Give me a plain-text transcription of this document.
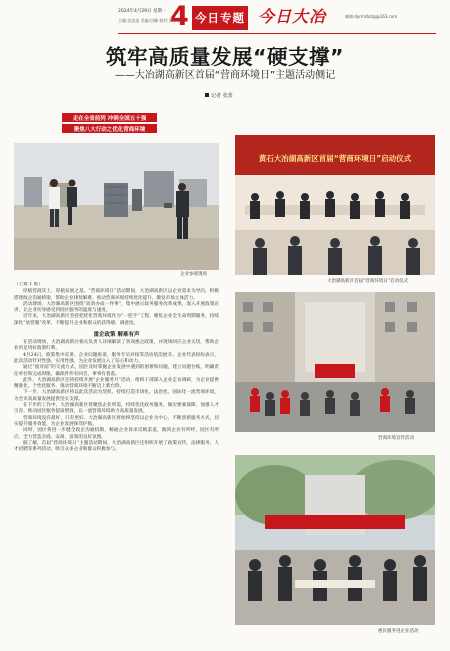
2024年4月29日 星期一
主编:范忠池 美编:田颖 校对:朱宇华
4 今日专题 今日大冶	邮箱:dyrmrbzzg@163.com
筑牢高质量发展“硬支撑”
——大冶湖高新区首届“营商环境日”主题活动侧记
记者 张蕾
走在全省前列 冲刺全国五十强
聚焦八大行动之优化营商环境
企业参观现场
黄石大冶湖高新区首届“营商环境日”启动仪式
大冶湖高新区首届“营商环境日”启动仪式
营商环境宣传活动
惠民服务进企业活动

（上接 1 版）

厚植营商沃土，厚植发展之基。“营商环境日”活动期间，大冶湖高新区以企业需求为导向，积极搭建政企沟通桥梁，帮助企业排忧解难，推动营商环境持续优化提升，激发市场主体活力。

活动现场，大冶湖高新区围绕“高效办成一件事”，集中展示政务服务改革成果，深入开展政策宣讲，让企业切身感受到园区服务的温度与速度。

近年来，大冶湖高新区坚持把优化营商环境作为“一把手”工程，聚焦企业全生命周期服务，持续深化“放管服”改革，不断提升企业和群众的获得感、满意度。

重企政策 解难有声

在活动现场，大冶湖高新区相关负责人详细解读了各项惠企政策，并现场回应企业关切，帮助企业用足用好政策红利。

4月24日，政策集中宣讲、企业问题座谈、服务专员对接等活动依次展开。企业代表纷纷表示，此次活动针对性强、实用性强，为企业发展注入了信心和动力。

通过“面对面”的交流方式，园区及时掌握企业发展中遇到的困难和问题，建立问题台账，明确责任单位和完成时限，确保件件有回音、事事有着落。

此外，大冶湖高新区还将持续开展“企业服务月”活动，组织干部深入企业走访调研，为企业提供精准化、个性化服务，推动营商环境不断迈上新台阶。

下一步，大冶湖高新区将以此次活动为契机，持续打造市场化、法治化、国际化一流营商环境，为全市高质量发展提供坚实支撑。

在下步的工作中，大冶湖高新区将聚焦企业所需，持续优化政务服务，做实要素保障，加强人才引育，推动园区服务提质增效，以一流营商环境助力高质量发展。

营商环境没有最好，只有更好。大冶湖高新区将始终坚持以企业为中心，不断创新服务方式，切实提升服务效能，为企业发展保驾护航。

同时，园区将进一步健全政企沟通机制，畅通企业诉求反映渠道，做到企业有所呼、园区有所应，全力营造亲商、安商、富商的良好氛围。

据了解，首届“营商环境日”主题活动期间，大冶湖高新区还组织开展了政策宣传、法律服务、人才招聘等系列活动，吸引众多企业和群众积极参与。
